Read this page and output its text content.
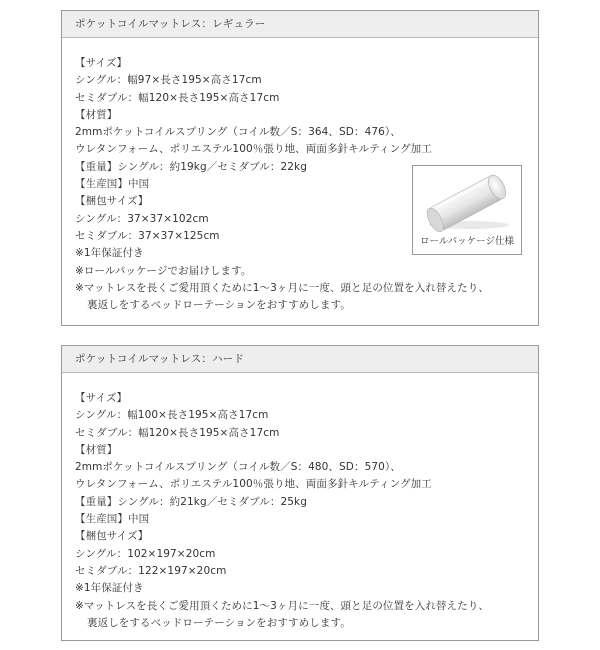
ポケットコイルマットレス：レギュラー
【サイズ】
シングル：幅97×長さ195×高さ17cm
セミダブル：幅120×長さ195×高さ17cm
【材質】
2mmポケットコイルスプリング（コイル数／S：364、SD：476）、
ウレタンフォーム、ポリエステル100％張り地、両面多針キルティング加工
【重量】シングル：約19kg／セミダブル：22kg
【生産国】中国
【梱包サイズ】
シングル：37×37×102cm
セミダブル：37×37×125cm
※1年保証付き
※ロールパッケージでお届けします。
※マットレスを長くご愛用頂くために1～3ヶ月に一度、頭と足の位置を入れ替えたり、
裏返しをするベッドローテーションをおすすめします。
ロールパッケージ仕様
ポケットコイルマットレス：ハード
【サイズ】
シングル：幅100×長さ195×高さ17cm
セミダブル：幅120×長さ195×高さ17cm
【材質】
2mmポケットコイルスプリング（コイル数／S：480、SD：570）、
ウレタンフォーム、ポリエステル100％張り地、両面多針キルティング加工
【重量】シングル：約21kg／セミダブル：25kg
【生産国】中国
【梱包サイズ】
シングル：102×197×20cm
セミダブル：122×197×20cm
※1年保証付き
※マットレスを長くご愛用頂くために1～3ヶ月に一度、頭と足の位置を入れ替えたり、
裏返しをするベッドローテーションをおすすめします。
